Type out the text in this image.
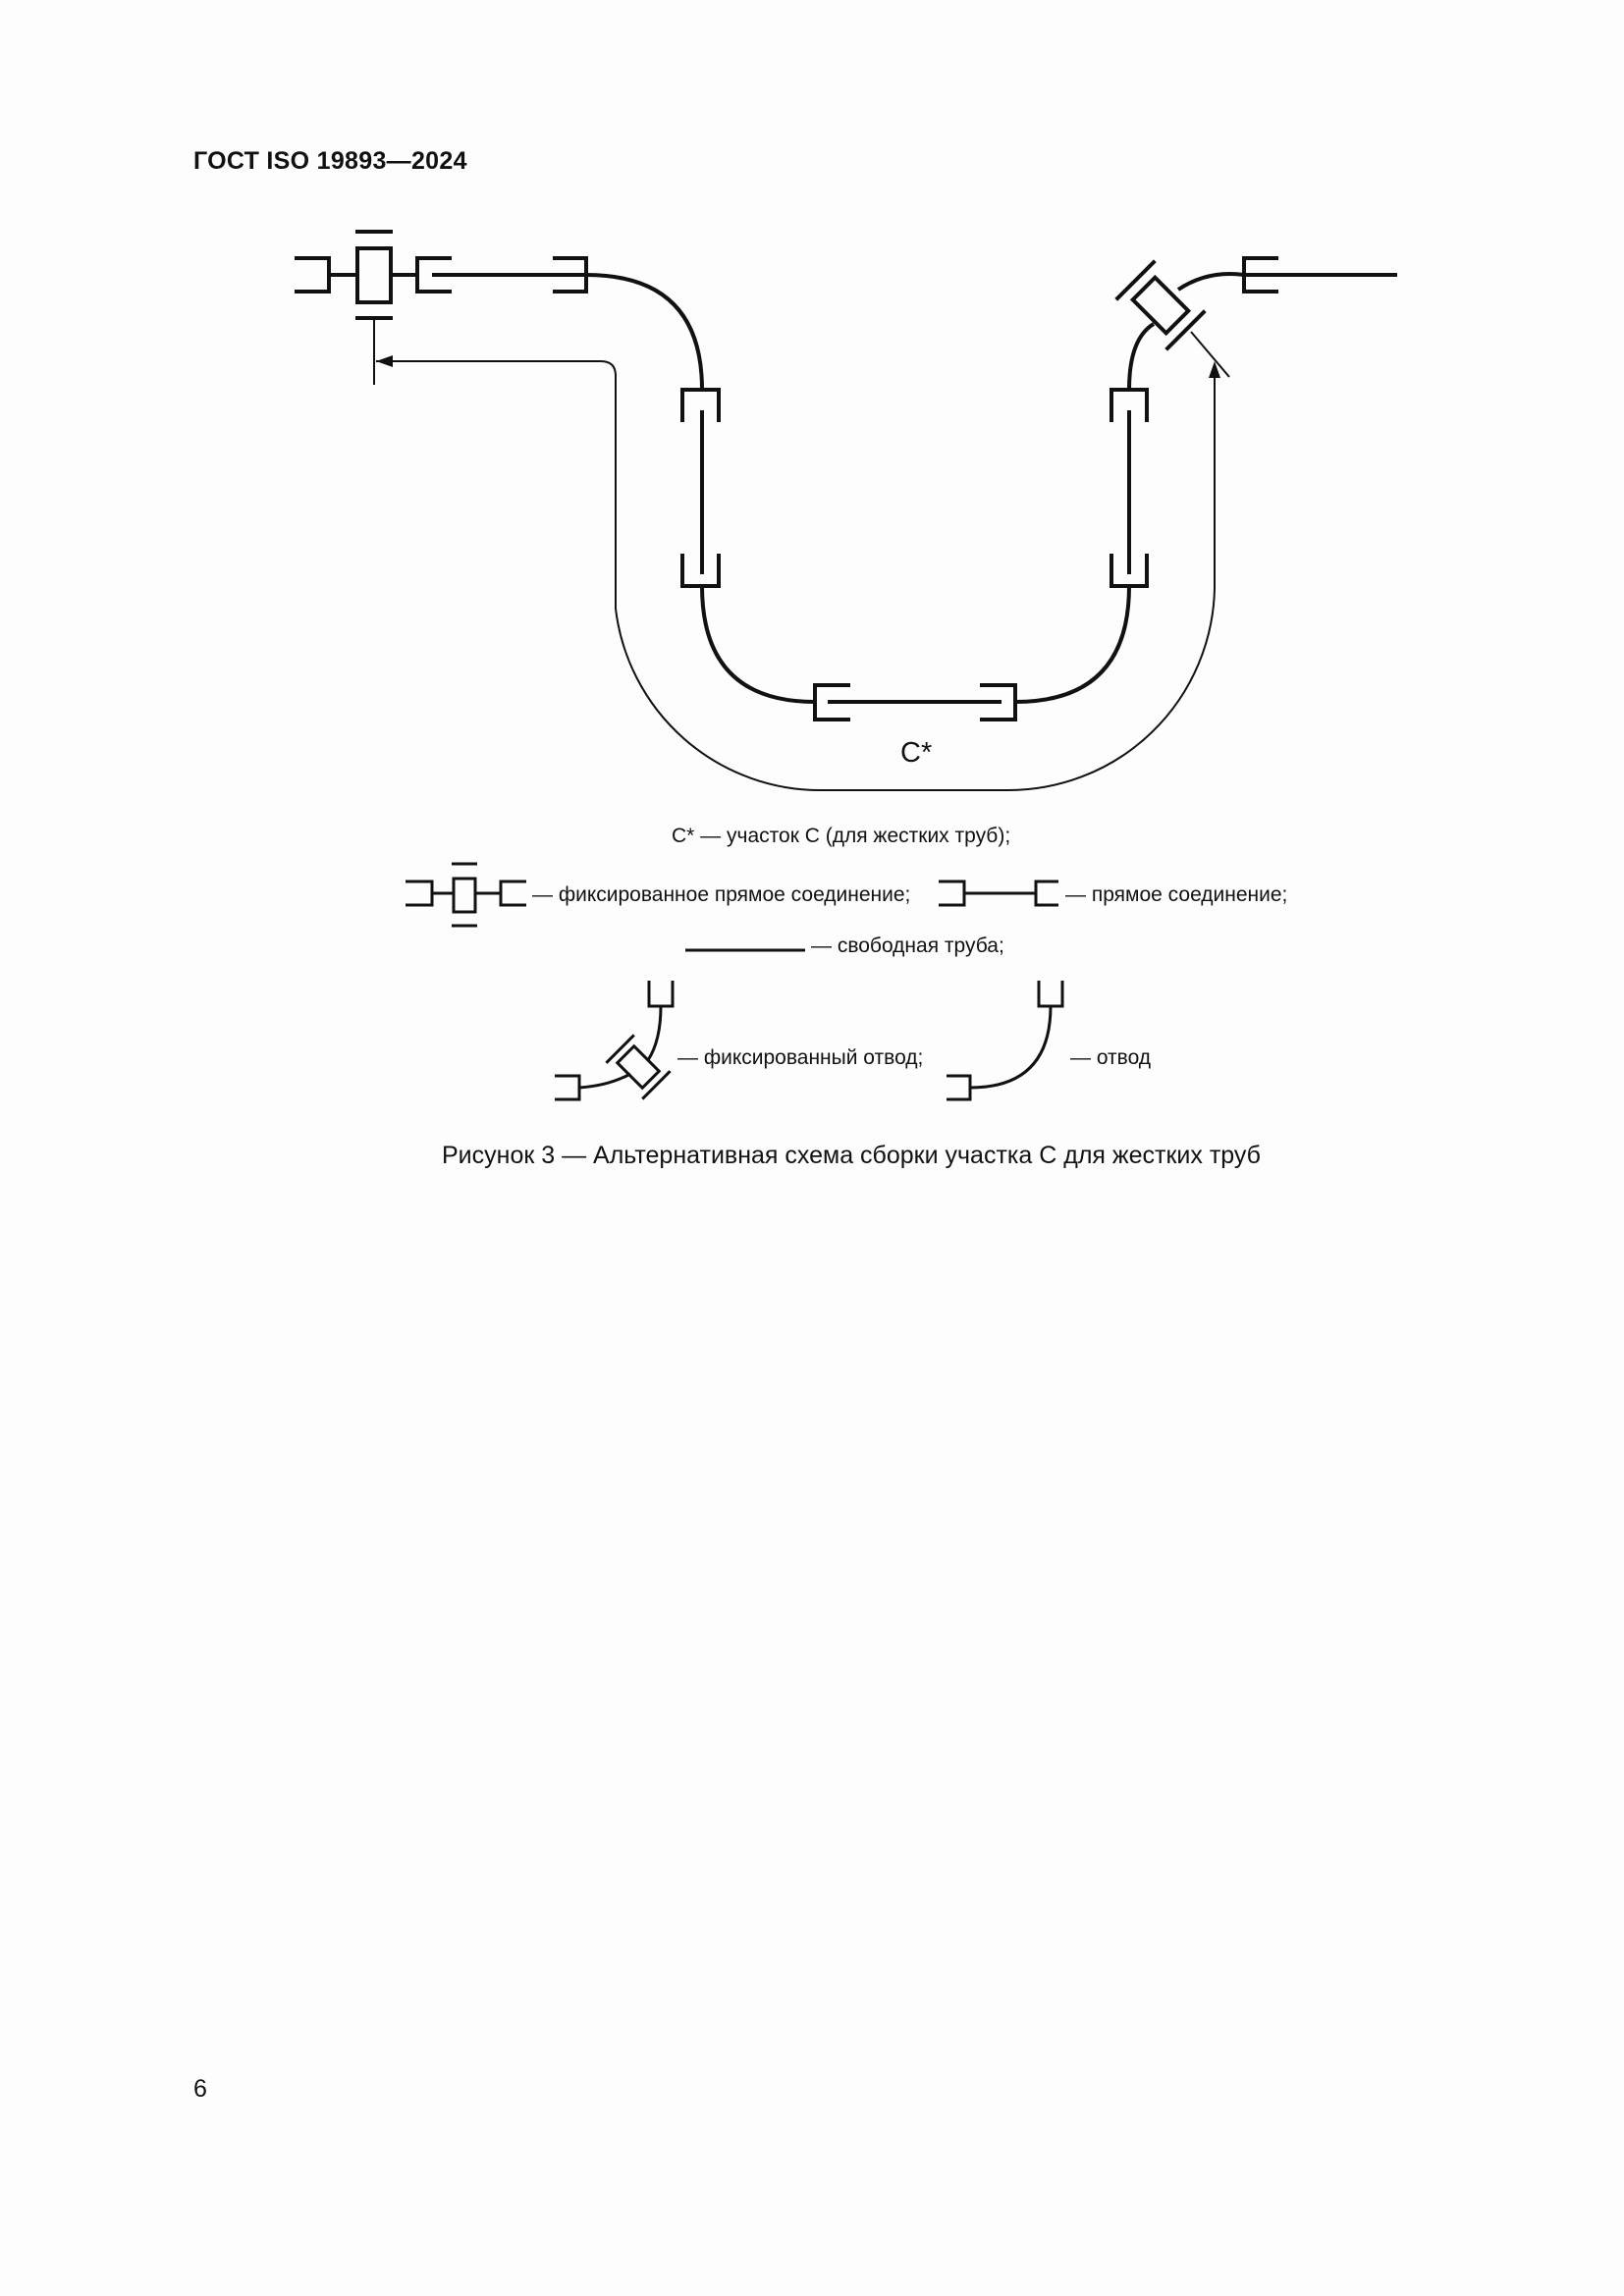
ГОСТ ISO 19893—2024
C*
C* — участок C (для жестких труб);
— фиксированное прямое соединение;	— прямое соединение;
— свободная труба;
— фиксированный отвод;	— отвод
Рисунок 3 — Альтернативная схема сборки участка С для жестких труб
6
